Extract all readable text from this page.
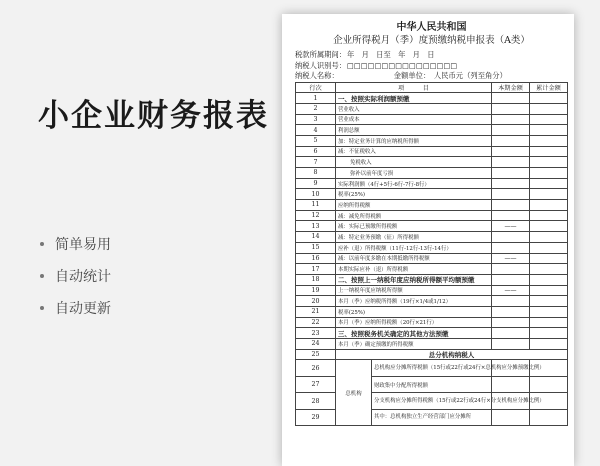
小企业财务报表
简单易用
自动统计
自动更新
中华人民共和国
企业所得税月（季）度预缴纳税申报表（A类）
税款所属期间：年　月　日至　年　月　日
纳税人识别号：□□□□□□□□□□□□□□□□
纳税人名称：	金额单位：　人民币元（列至角分）
行次	项　　　目		本期金额	累计金额
1	一、按照实际利润额预缴			
2	营业收入			
3	营业成本			
4	利润总额			
5	加：特定业务计算的应纳税所得额			
6	减：不征税收入			
7	免税收入			
8	弥补以前年度亏损			
9	实际利润额（4行+5行-6行-7行-8行）			
10	税率(25%)			
11	应纳所得税额			
12	减：减免所得税额			
13	减：实际已预缴所得税额		——	
14	减：特定业务预缴（征）所得税额			
15	应补（退）所得税额（11行-12行-13行-14行）			
16	减：以前年度多缴在本期抵缴所得税额		——	
17	本期实际应补（退）所得税额			
18	二、按照上一纳税年度应纳税所得额平均额预缴			
19	上一纳税年度应纳税所得额		——	
20	本月（季）应纳税所得额（19行×1/4或1/12）			
21	税率(25%)			
22	本月（季）应纳所得税额（20行×21行）			
23	三、按照税务机关确定的其他方法预缴			
24	本月（季）确定预缴的所得税额			
25	总分机构纳税人			
26	总机构	总机构应分摊所得税额（15行或22行或24行×总机构应分摊预缴比例）		
27		财政集中分配所得税额		
28		分支机构应分摊所得税额（15行或22行或24行×分支机构应分摊比例）		
29		其中：总机构独立生产经营部门应分摊所		
